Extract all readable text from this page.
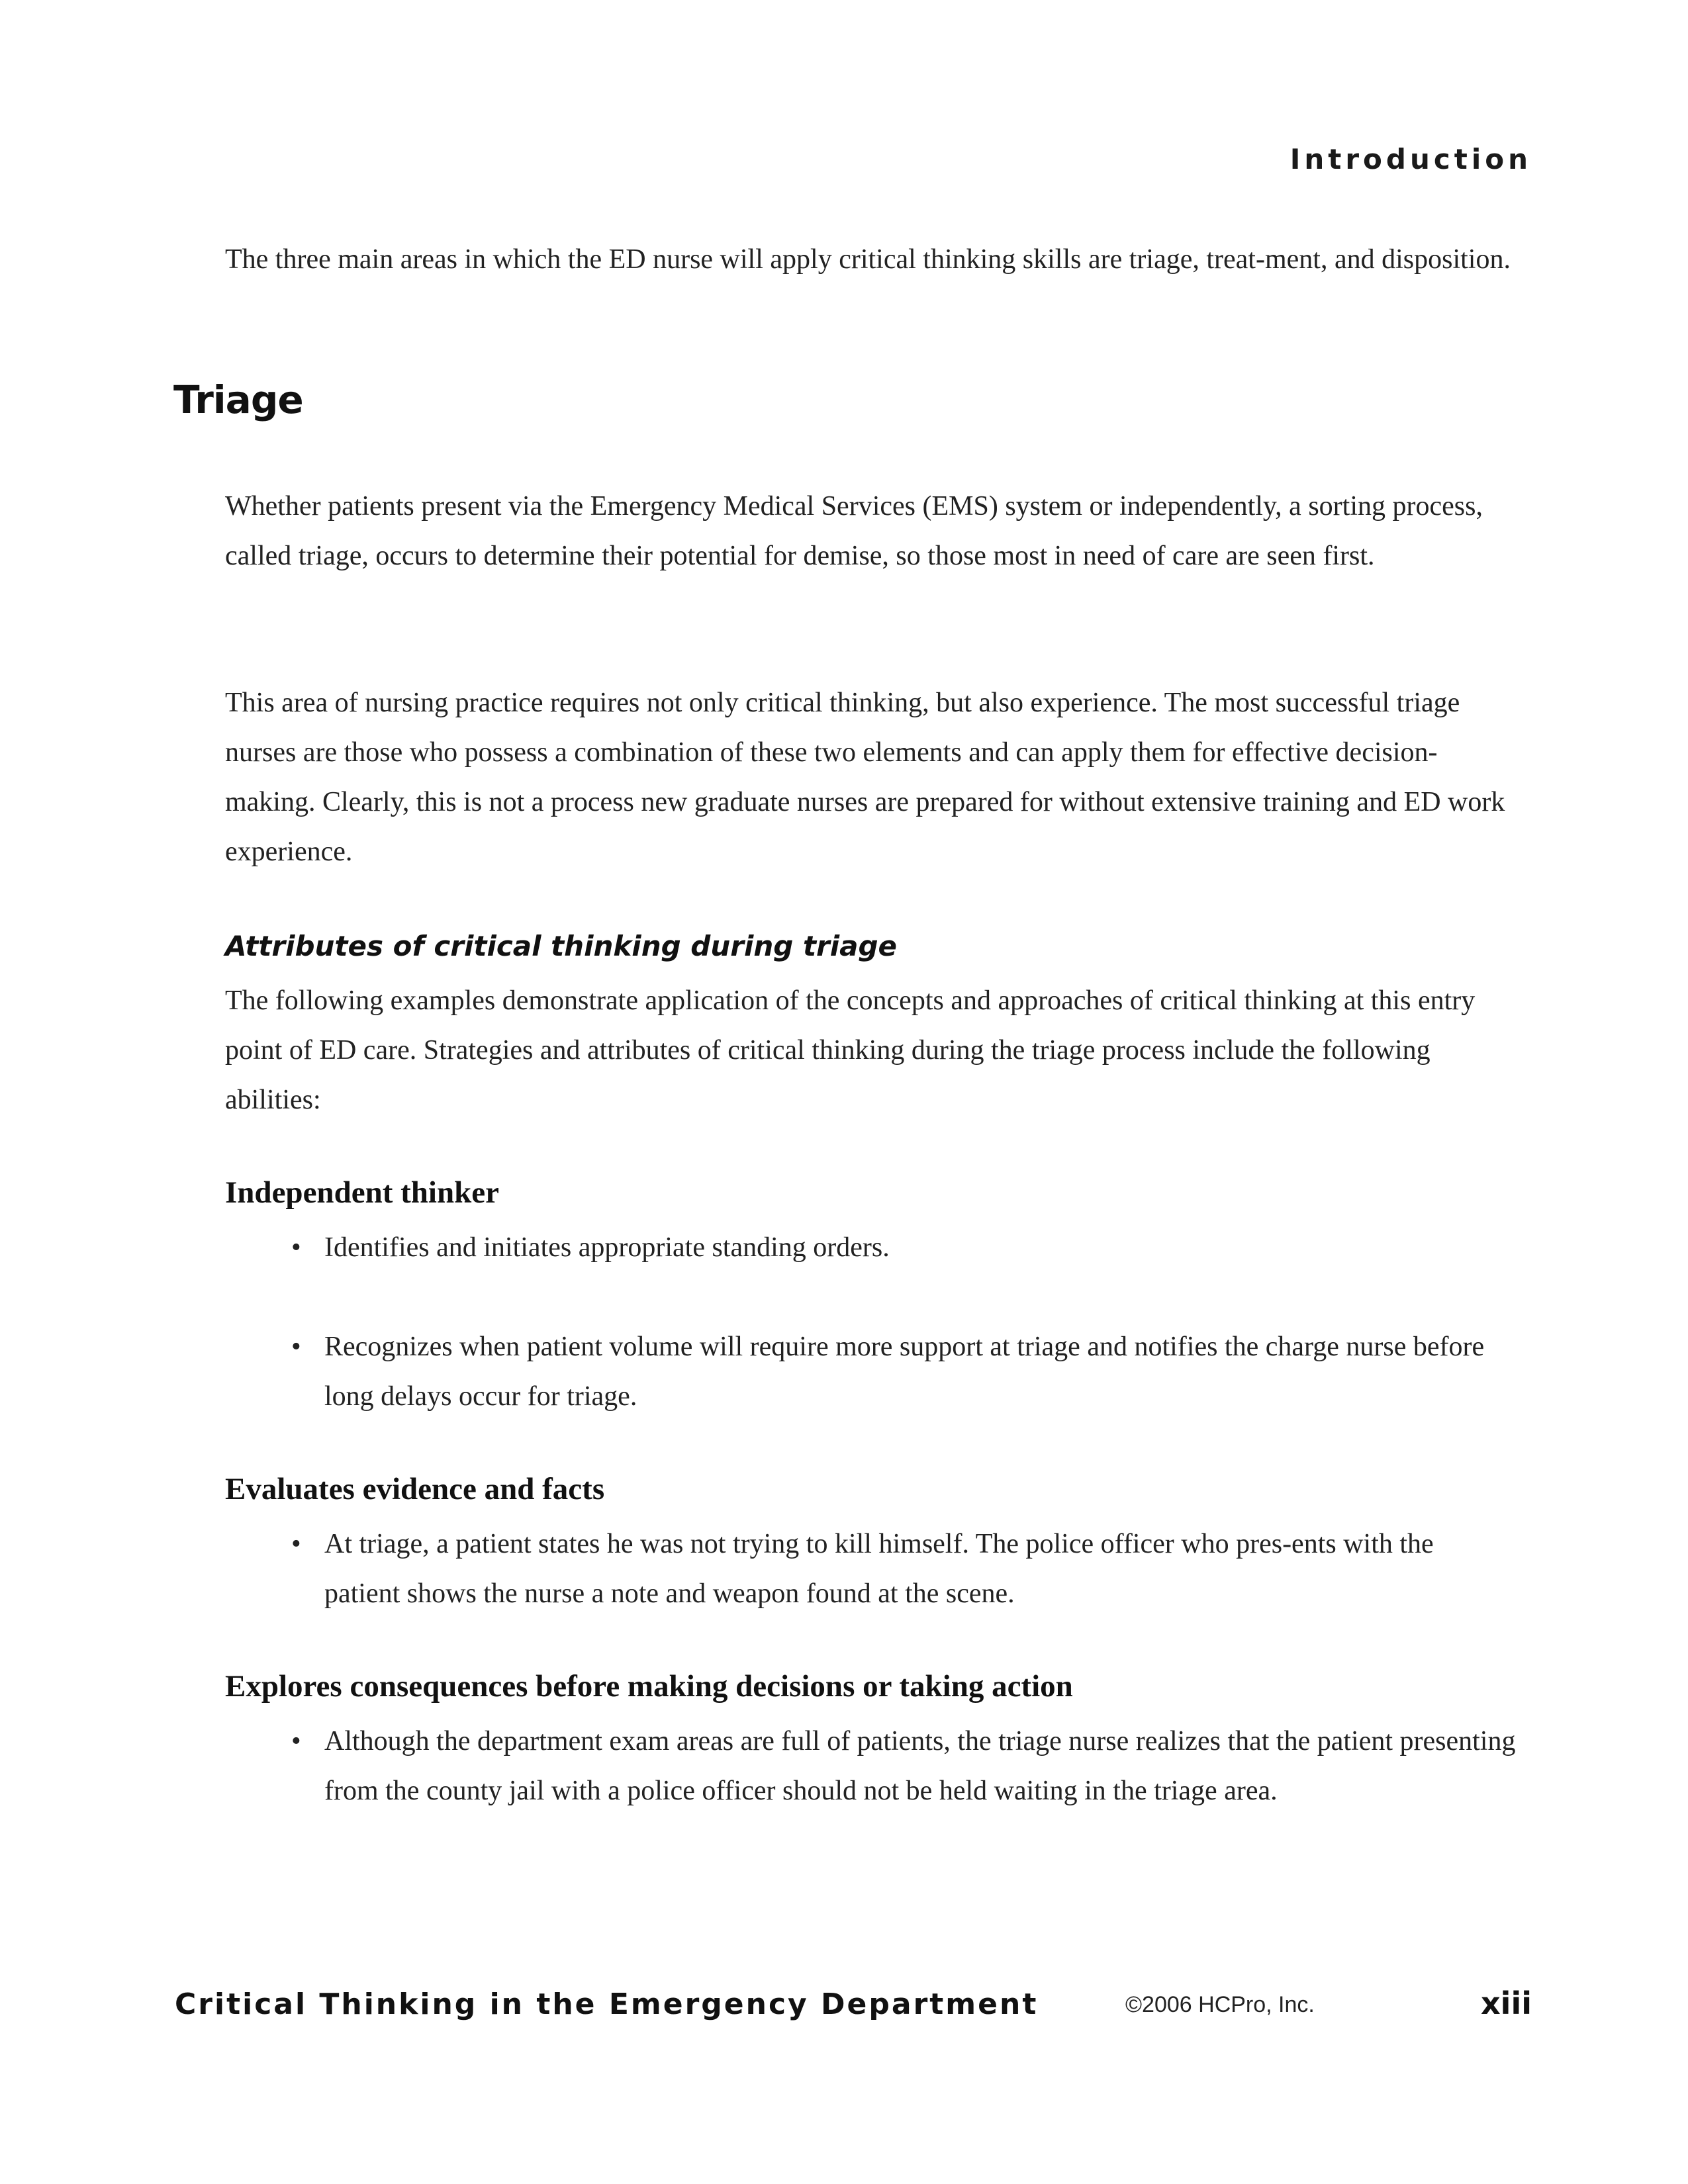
Introduction

The three main areas in which the ED nurse will apply critical thinking skills are triage, treat-ment, and disposition.

Triage

Whether patients present via the Emergency Medical Services (EMS) system or independently, a sorting process, called triage, occurs to determine their potential for demise, so those most in need of care are seen first.

This area of nursing practice requires not only critical thinking, but also experience. The most successful triage nurses are those who possess a combination of these two elements and can apply them for effective decision-making. Clearly, this is not a process new graduate nurses are prepared for without extensive training and ED work experience.

Attributes of critical thinking during triage

The following examples demonstrate application of the concepts and approaches of critical thinking at this entry point of ED care. Strategies and attributes of critical thinking during the triage process include the following abilities:

Independent thinker
• Identifies and initiates appropriate standing orders.
• Recognizes when patient volume will require more support at triage and notifies the charge nurse before long delays occur for triage.
Evaluates evidence and facts
• At triage, a patient states he was not trying to kill himself. The police officer who pres-ents with the patient shows the nurse a note and weapon found at the scene.
Explores consequences before making decisions or taking action
• Although the department exam areas are full of patients, the triage nurse realizes that the patient presenting from the county jail with a police officer should not be held waiting in the triage area.
Critical Thinking in the Emergency Department	©2006 HCPro, Inc.	xiii
